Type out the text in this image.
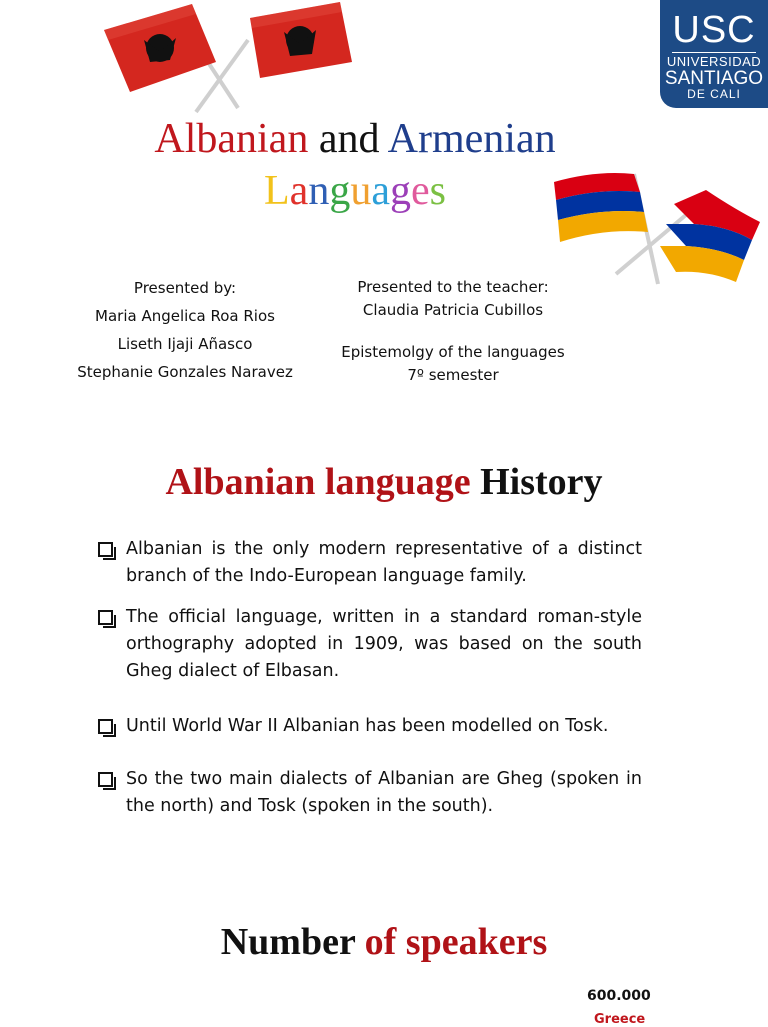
USC
UNIVERSIDAD
SANTIAGO
DE CALI
Albanian and Armenian
Languages
Presented by:
Maria Angelica Roa Rios
Liseth Ijaji Añasco
Stephanie Gonzales Naravez
Presented to the teacher:
Claudia Patricia Cubillos
Epistemolgy of the languages
7º semester
Albanian language History
Albanian is the only modern representative of a distinct branch of the Indo-European language family.
The official language, written in a standard roman-style orthography adopted in 1909, was based on the south Gheg dialect of Elbasan.
Until World War II Albanian has been modelled on Tosk.
So the two main dialects of Albanian are Gheg (spoken in the north) and Tosk (spoken in the south).
Number of speakers
600.000
Greece
